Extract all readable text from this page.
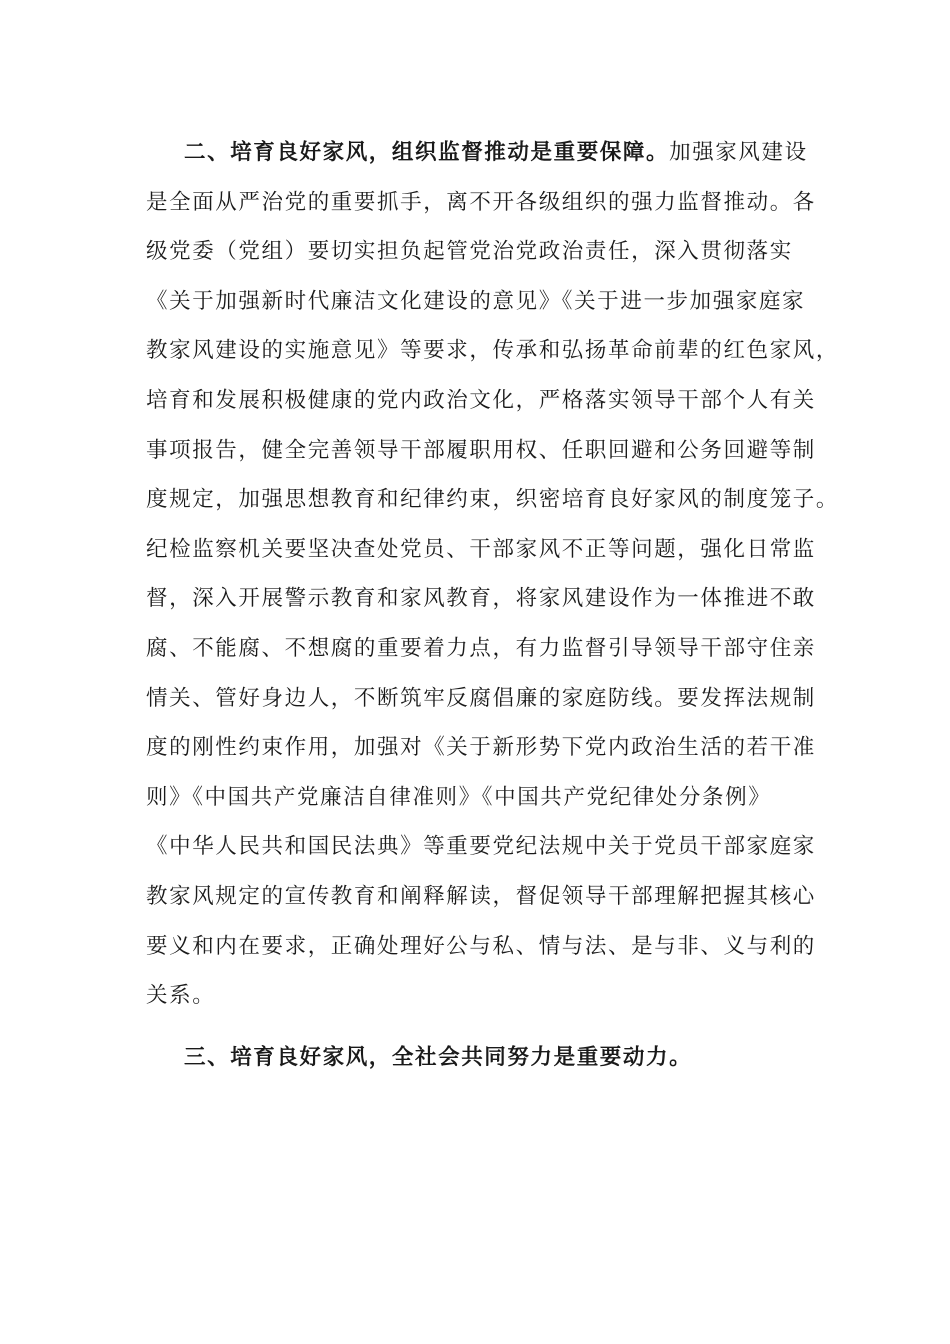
二、培育良好家风，组织监督推动是重要保障。加强家风建设
是全面从严治党的重要抓手，离不开各级组织的强力监督推动。各
级党委（党组）要切实担负起管党治党政治责任，深入贯彻落实
《关于加强新时代廉洁文化建设的意见》《关于进一步加强家庭家
教家风建设的实施意见》等要求，传承和弘扬革命前辈的红色家风，
培育和发展积极健康的党内政治文化，严格落实领导干部个人有关
事项报告，健全完善领导干部履职用权、任职回避和公务回避等制
度规定，加强思想教育和纪律约束，织密培育良好家风的制度笼子。
纪检监察机关要坚决查处党员、干部家风不正等问题，强化日常监
督，深入开展警示教育和家风教育，将家风建设作为一体推进不敢
腐、不能腐、不想腐的重要着力点，有力监督引导领导干部守住亲
情关、管好身边人，不断筑牢反腐倡廉的家庭防线。要发挥法规制
度的刚性约束作用，加强对《关于新形势下党内政治生活的若干准
则》《中国共产党廉洁自律准则》《中国共产党纪律处分条例》
《中华人民共和国民法典》等重要党纪法规中关于党员干部家庭家
教家风规定的宣传教育和阐释解读，督促领导干部理解把握其核心
要义和内在要求，正确处理好公与私、情与法、是与非、义与利的
关系。
三、培育良好家风，全社会共同努力是重要动力。
